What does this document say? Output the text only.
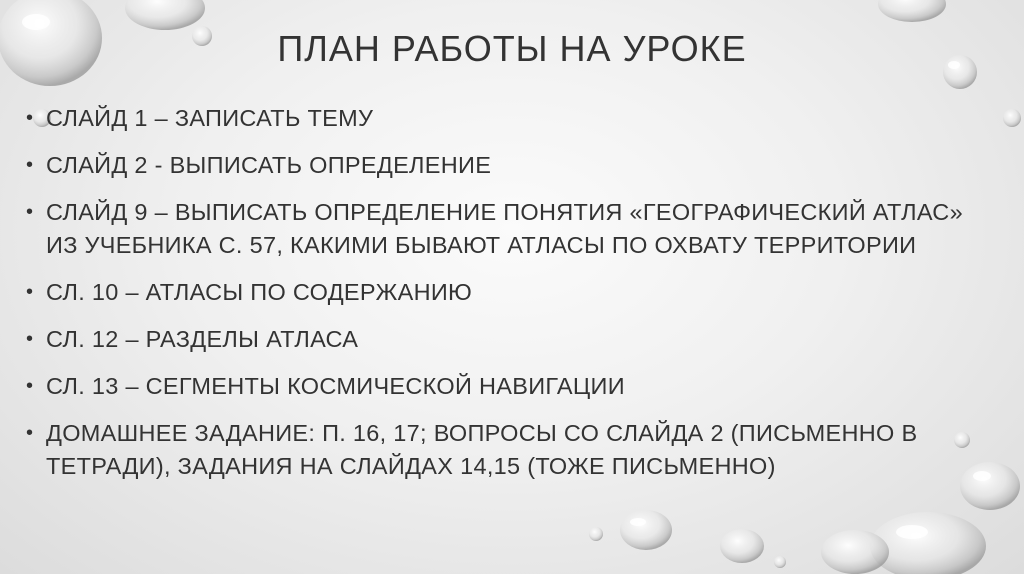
ПЛАН РАБОТЫ НА УРОКЕ
• СЛАЙД 1 – ЗАПИСАТЬ ТЕМУ
• СЛАЙД 2 - ВЫПИСАТЬ ОПРЕДЕЛЕНИЕ
• СЛАЙД 9 – ВЫПИСАТЬ ОПРЕДЕЛЕНИЕ ПОНЯТИЯ «ГЕОГРАФИЧЕСКИЙ АТЛАС» ИЗ УЧЕБНИКА С. 57, КАКИМИ БЫВАЮТ АТЛАСЫ ПО ОХВАТУ ТЕРРИТОРИИ
• СЛ. 10 – АТЛАСЫ ПО СОДЕРЖАНИЮ
• СЛ. 12 – РАЗДЕЛЫ АТЛАСА
• СЛ. 13 – СЕГМЕНТЫ КОСМИЧЕСКОЙ НАВИГАЦИИ
• ДОМАШНЕЕ ЗАДАНИЕ: П. 16, 17; ВОПРОСЫ СО СЛАЙДА 2 (ПИСЬМЕННО В ТЕТРАДИ), ЗАДАНИЯ НА СЛАЙДАХ 14,15 (ТОЖЕ ПИСЬМЕННО)
